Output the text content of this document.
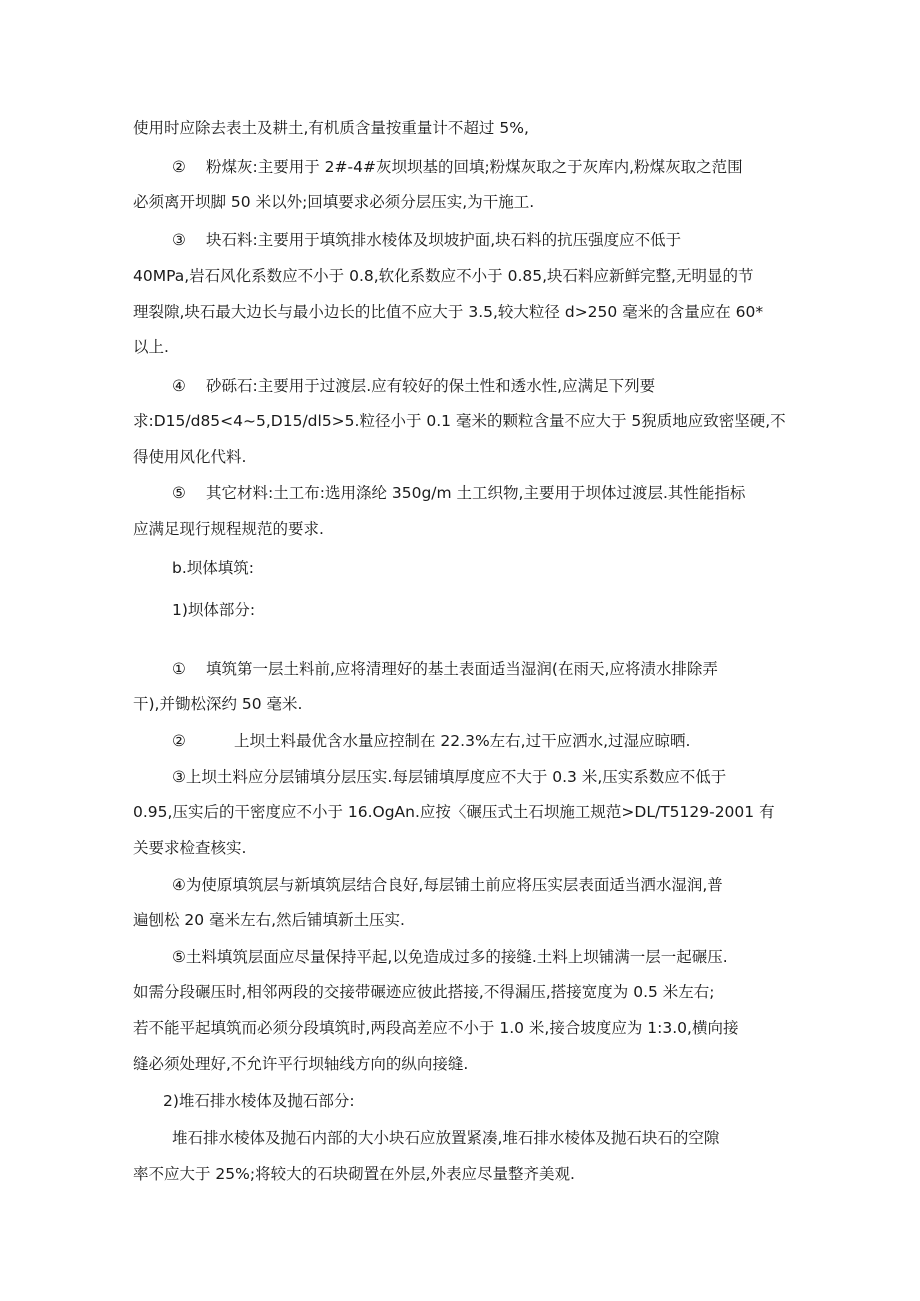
使用时应除去表土及耕土,有机质含量按重量计不超过 5%,
② 粉煤灰:主要用于 2#-4#灰坝坝基的回填;粉煤灰取之于灰库内,粉煤灰取之范围
必须离开坝脚 50 米以外;回填要求必须分层压实,为干施工.
③ 块石料:主要用于填筑排水棱体及坝坡护面,块石料的抗压强度应不低于
40MPa,岩石风化系数应不小于 0.8,软化系数应不小于 0.85,块石料应新鲜完整,无明显的节
理裂隙,块石最大边长与最小边长的比值不应大于 3.5,较大粒径 d>250 毫米的含量应在 60*
以上.
④ 砂砾石:主要用于过渡层.应有较好的保土性和透水性,应满足下列要
求:D15∕d85<4~5,D15∕dl5>5.粒径小于 0.1 毫米的颗粒含量不应大于 5猊质地应致密坚硬,不
得使用风化代料.
⑤ 其它材料:土工布:选用涤纶 350g∕m 土工织物,主要用于坝体过渡层.其性能指标
应满足现行规程规范的要求.
b.坝体填筑:
1)坝体部分:
① 填筑第一层土料前,应将清理好的基土表面适当湿润(在雨天,应将渍水排除弄
干),并锄松深约 50 毫米.
②	上坝土料最优含水量应控制在 22.3%左右,过干应洒水,过湿应晾晒.
③上坝土料应分层铺填分层压实.每层铺填厚度应不大于 0.3 米,压实系数应不低于
0.95,压实后的干密度应不小于 16.OgAn.应按〈碾压式土石坝施工规范>DL∕T5129-2001 有
关要求检查核实.
④为使原填筑层与新填筑层结合良好,每层铺土前应将压实层表面适当洒水湿润,普
遍刨松 20 毫米左右,然后铺填新土压实.
⑤土料填筑层面应尽量保持平起,以免造成过多的接缝.土料上坝铺满一层一起碾压.
如需分段碾压时,相邻两段的交接带碾迹应彼此搭接,不得漏压,搭接宽度为 0.5 米左右;
若不能平起填筑而必须分段填筑时,两段高差应不小于 1.0 米,接合坡度应为 1:3.0,横向接
缝必须处理好,不允许平行坝轴线方向的纵向接缝.
2)堆石排水棱体及抛石部分:
堆石排水棱体及抛石内部的大小块石应放置紧凑,堆石排水棱体及抛石块石的空隙
率不应大于 25%;将较大的石块砌置在外层,外表应尽量整齐美观.
